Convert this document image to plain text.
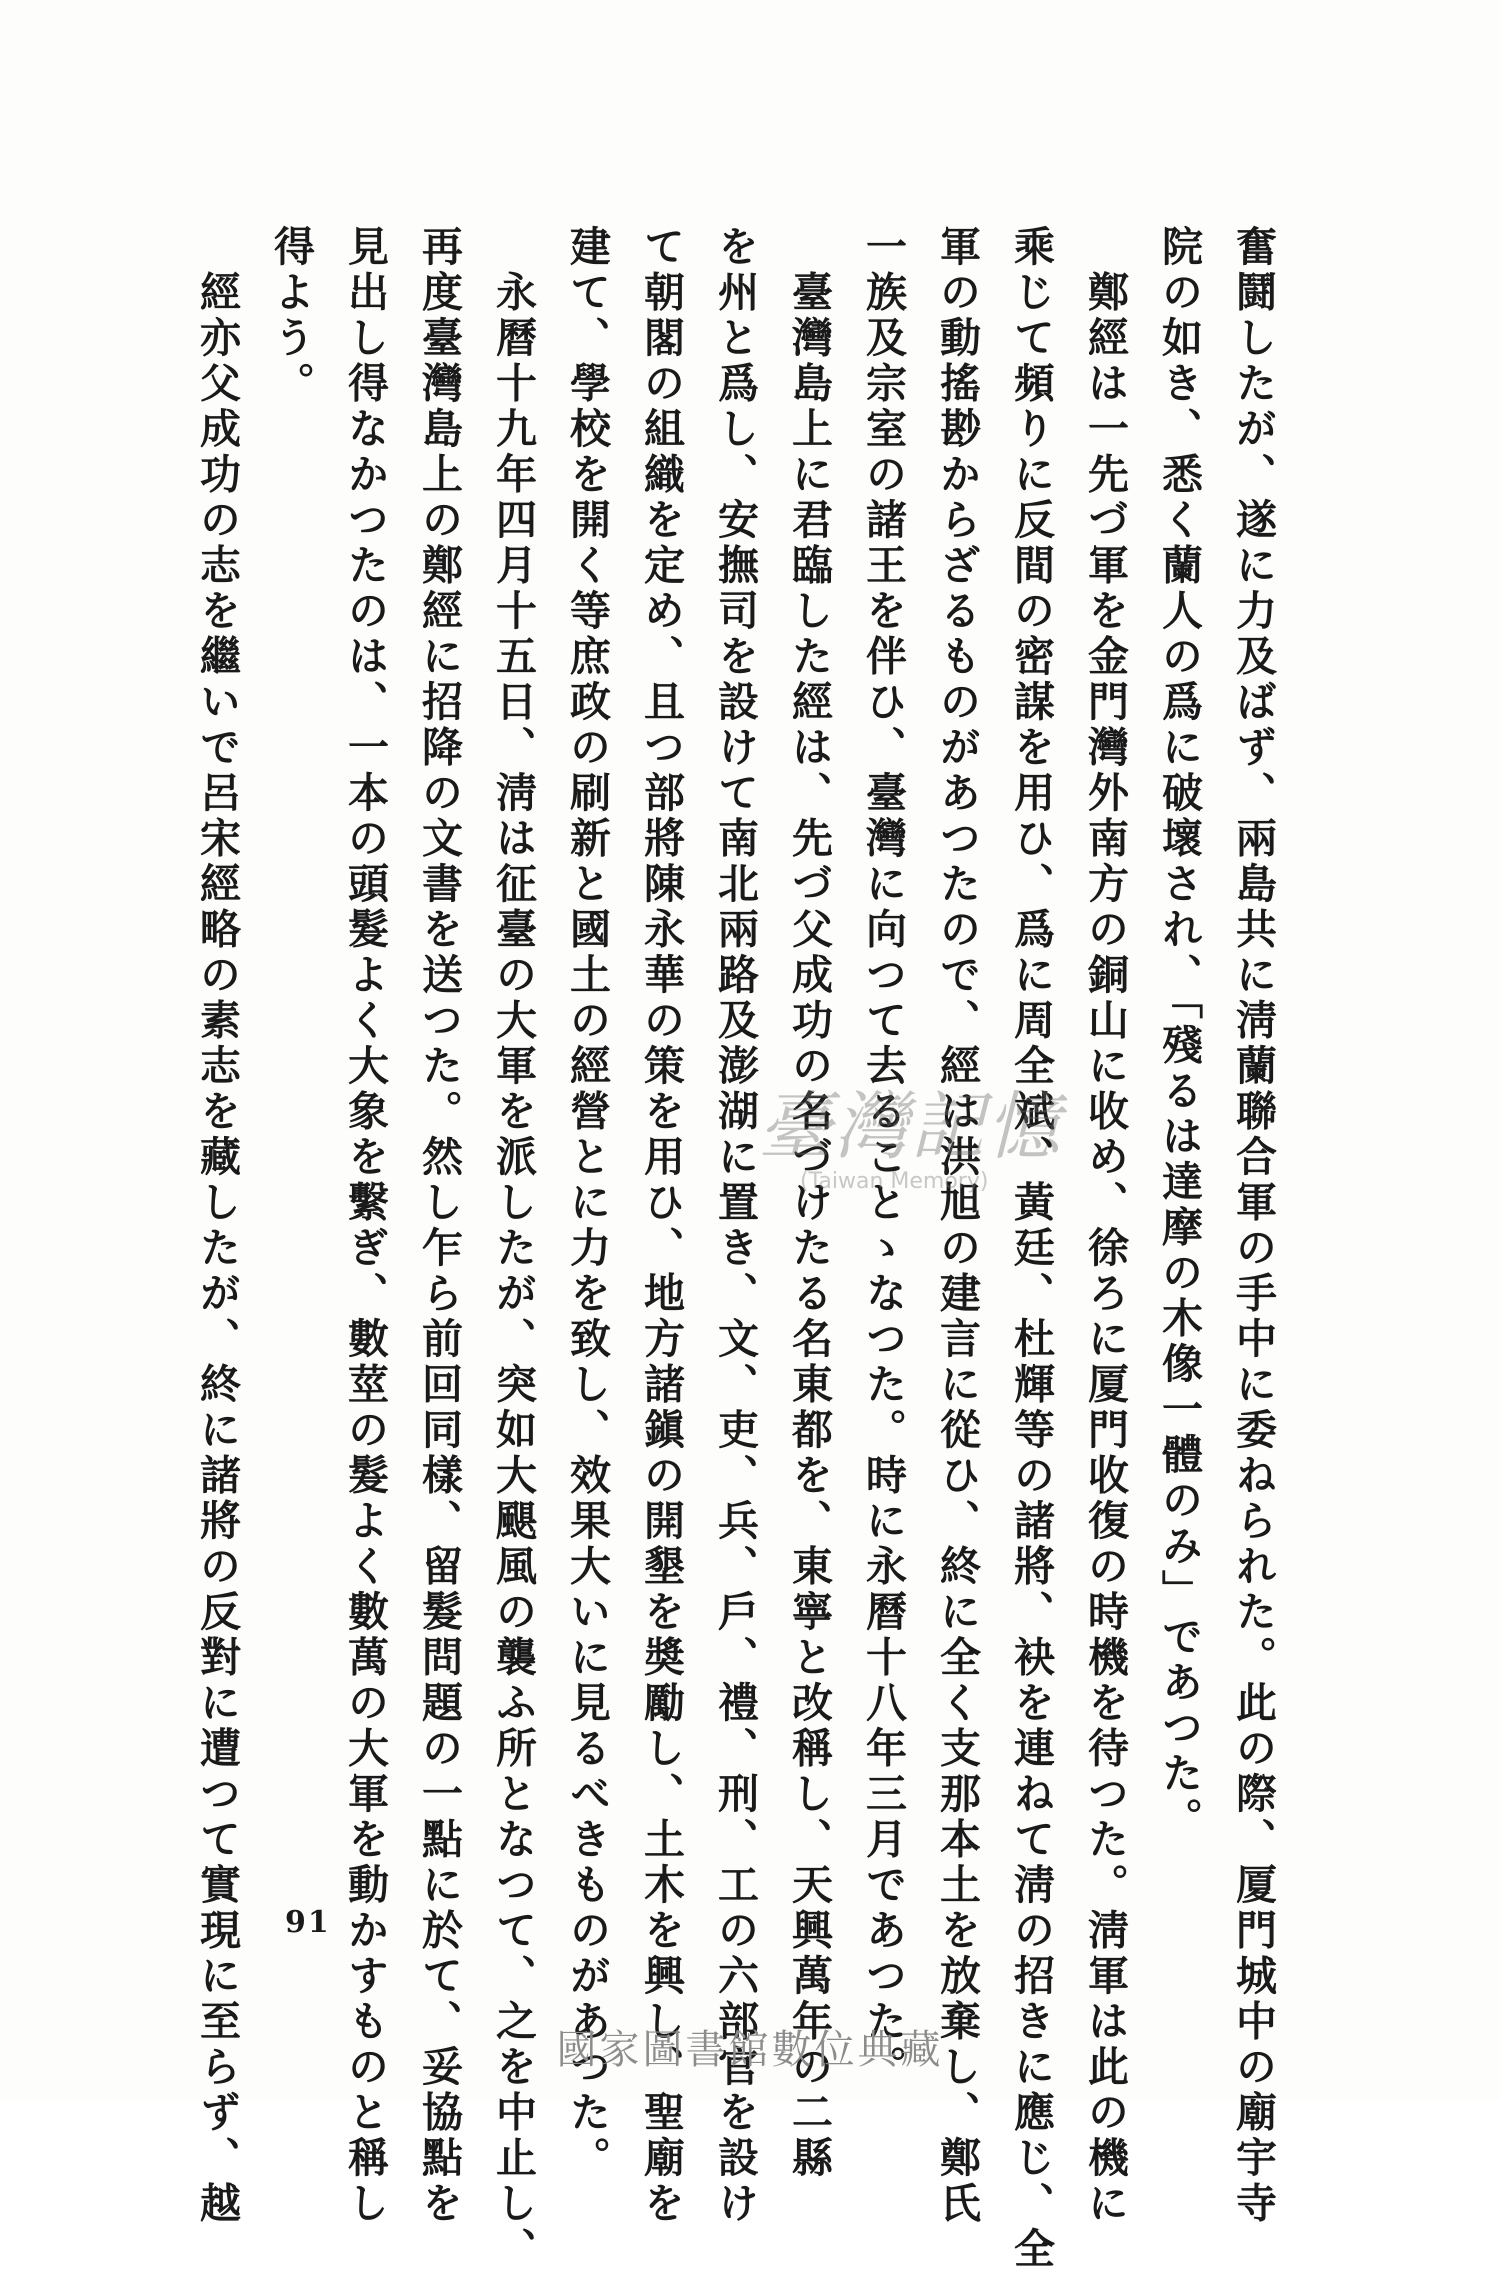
奮鬪したが、遂に力及ばず、兩島共に淸蘭聯合軍の手中に委ねられた。此の際、厦門城中の廟宇寺
院の如き、悉く蘭人の爲に破壞され、「殘るは達摩の木像一體のみ」であつた。
　鄭經は一先づ軍を金門灣外南方の銅山に收め、徐ろに厦門收復の時機を待つた。淸軍は此の機に
乘じて頻りに反間の密謀を用ひ、爲に周全斌、黃廷、杜輝等の諸將、袂を連ねて淸の招きに應じ、全
軍の動搖尠からざるものがあつたので、經は洪旭の建言に從ひ、終に全く支那本土を放棄し、鄭氏
一族及宗室の諸王を伴ひ、臺灣に向つて去ることゝなつた。時に永曆十八年三月であつた。
　臺灣島上に君臨した經は、先づ父成功の名づけたる名東都を、東寧と改稱し、天興萬年の二縣
を州と爲し、安撫司を設けて南北兩路及澎湖に置き、文、吏、兵、戶、禮、刑、工の六部官を設け
て朝閣の組織を定め、且つ部將陳永華の策を用ひ、地方諸鎭の開墾を奬勵し、土木を興し、聖廟を
建て、學校を開く等庶政の刷新と國土の經營とに力を致し、效果大いに見るべきものがあつた。
　永曆十九年四月十五日、淸は征臺の大軍を派したが、突如大颶風の襲ふ所となつて、之を中止し、
再度臺灣島上の鄭經に招降の文書を送つた。然し乍ら前回同樣、留髮問題の一點に於て、妥協點を
見出し得なかつたのは、一本の頭髮よく大象を繫ぎ、數莖の髮よく數萬の大軍を動かすものと稱し
得よう。
　經亦父成功の志を繼いで呂宋經略の素志を藏したが、終に諸將の反對に遭つて實現に至らず、越	臺灣記憶
(Taiwan Memory)
91
國家圖書館數位典藏
